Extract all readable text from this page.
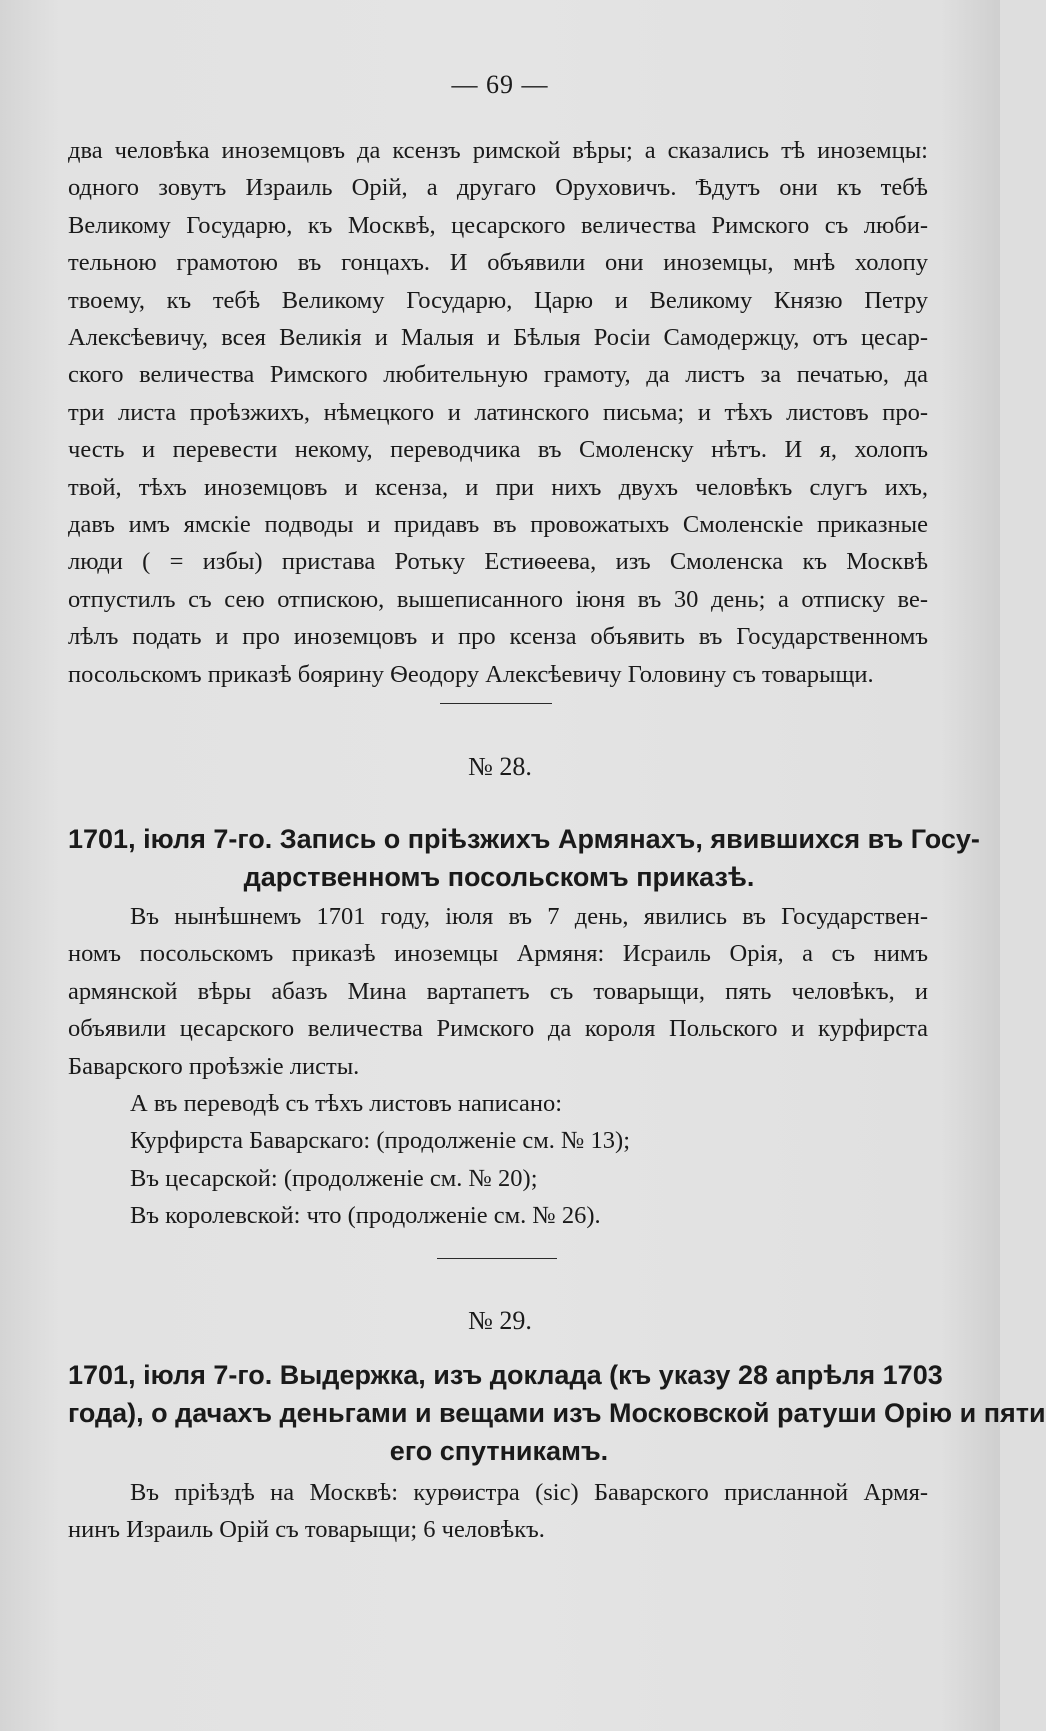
— 69 —
два человѣка иноземцовъ да ксензъ римской вѣры; а сказались тѣ иноземцы:
одного зовутъ Израиль Орій, а другаго Оруховичъ. Ѣдутъ они къ тебѣ
Великому Государю, къ Москвѣ, цесарского величества Римского съ люби-
тельною грамотою въ гонцахъ. И объявили они иноземцы, мнѣ холопу
твоему, къ тебѣ Великому Государю, Царю и Великому Князю Петру
Алексѣевичу, всея Великія и Малыя и Бѣлыя Росіи Самодержцу, отъ цесар-
ского величества Римского любительную грамоту, да листъ за печатью, да
три листа проѣзжихъ, нѣмецкого и латинского письма; и тѣхъ листовъ про-
честь и перевести некому, переводчика въ Смоленску нѣтъ. И я, холопъ
твой, тѣхъ иноземцовъ и ксенза, и при нихъ двухъ человѣкъ слугъ ихъ,
давъ имъ ямскіе подводы и придавъ въ провожатыхъ Смоленскіе приказные
люди ( = избы) пристава Ротьку Естиѳеева, изъ Смоленска къ Москвѣ
отпустилъ съ сею отпискою, вышеписанного іюня въ 30 день; а отписку ве-
лѣлъ подать и про иноземцовъ и про ксенза объявить въ Государственномъ
посольскомъ приказѣ боярину Ѳеодору Алексѣевичу Головину съ товарыщи.
№ 28.
1701, іюля 7-го. Запись о пріѣзжихъ Армянахъ, явившихся въ Госу-
дарственномъ посольскомъ приказѣ.
Въ нынѣшнемъ 1701 году, іюля въ 7 день, явились въ Государствен-
номъ посольскомъ приказѣ иноземцы Армяня: Исраиль Орія, а съ нимъ
армянской вѣры абазъ Мина вартапетъ съ товарыщи, пять человѣкъ, и
объявили цесарского величества Римского да короля Польского и курфирста
Баварского проѣзжіе листы.
А въ переводѣ съ тѣхъ листовъ написано:
Курфирста Баварскаго: (продолженіе см. № 13);
Въ цесарской: (продолженіе см. № 20);
Въ королевской: что (продолженіе см. № 26).
№ 29.
1701, іюля 7-го. Выдержка, изъ доклада (къ указу 28 апрѣля 1703
года), о дачахъ деньгами и вещами изъ Московской ратуши Орію и пяти
его спутникамъ.
Въ пріѣздѣ на Москвѣ: курѳистра (sic) Баварского присланной Армя-
нинъ Израиль Орій съ товарыщи; 6 человѣкъ.
